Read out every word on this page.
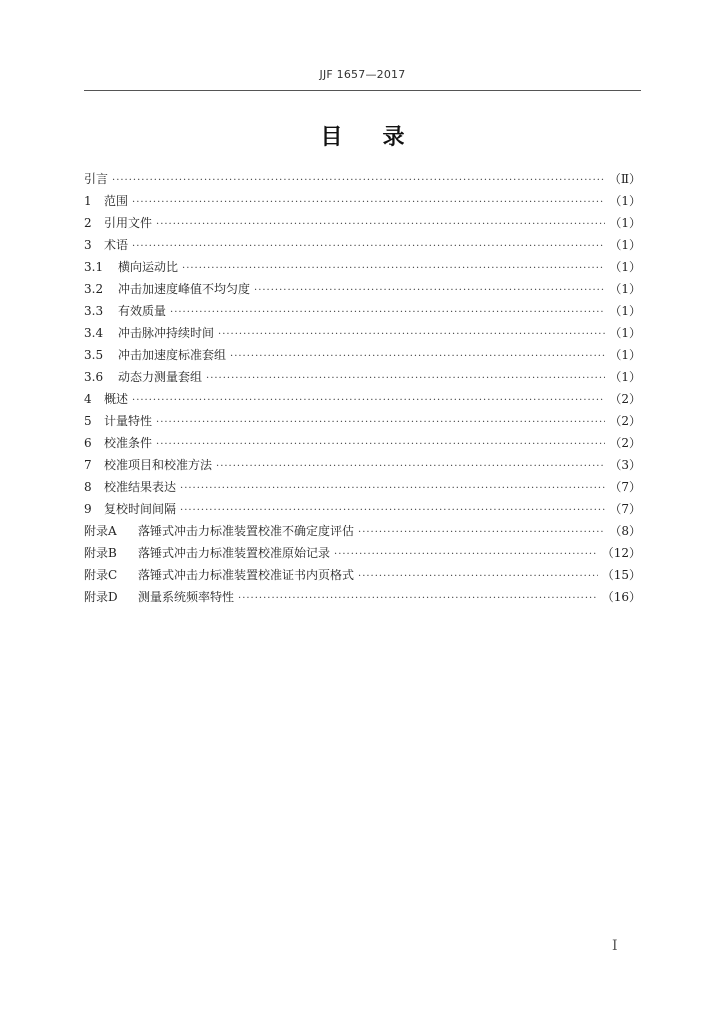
JJF 1657—2017
目 录
引言 ·····	（Ⅱ）
1	范围 ·····	（1）
2	引用文件 ·····	（1）
3	术语 ·····	（1）
3.1	横向运动比 ·····	（1）
3.2	冲击加速度峰值不均匀度 ·····	（1）
3.3	有效质量 ·····	（1）
3.4	冲击脉冲持续时间 ·····	（1）
3.5	冲击加速度标准套组 ·····	（1）
3.6	动态力测量套组 ·····	（1）
4	概述 ·····	（2）
5	计量特性 ·····	（2）
6	校准条件 ·····	（2）
7	校准项目和校准方法 ·····	（3）
8	校准结果表达 ·····	（7）
9	复校时间间隔 ·····	（7）
附录A	落锤式冲击力标准装置校准不确定度评估 ·····	（8）
附录B	落锤式冲击力标准装置校准原始记录 ·····	（12）
附录C	落锤式冲击力标准装置校准证书内页格式 ·····	（15）
附录D	测量系统频率特性 ·····	（16）
Ⅰ
